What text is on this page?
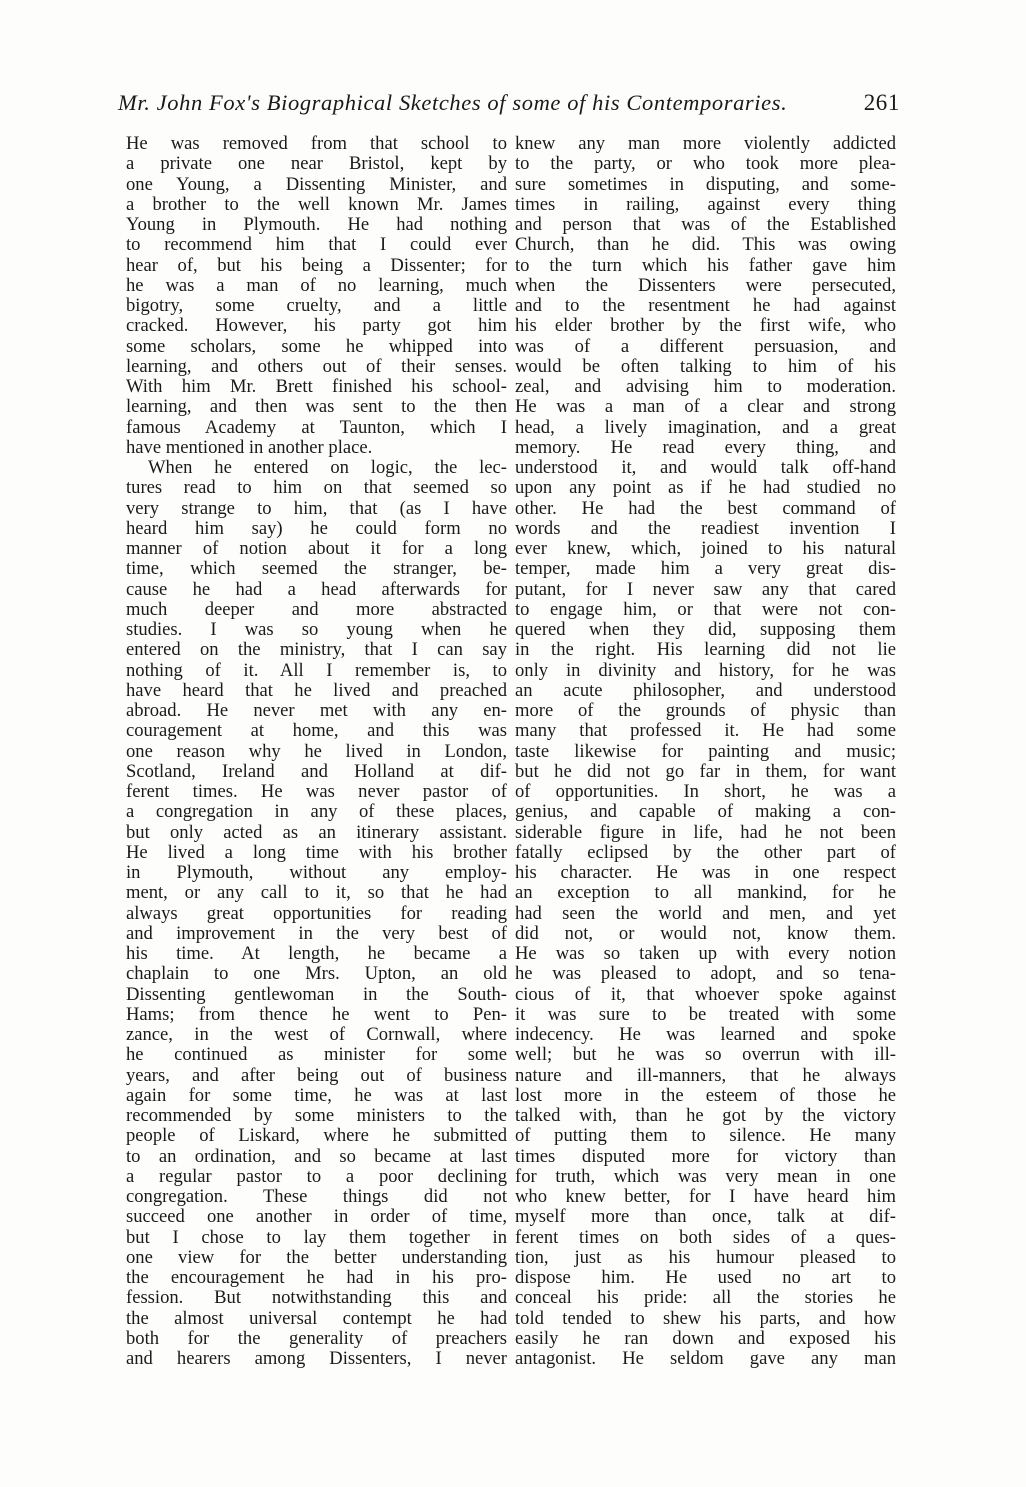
Mr. John Fox's Biographical Sketches of some of his Contemporaries.	261
He was removed from that school to
a private one near Bristol, kept by
one Young, a Dissenting Minister, and
a brother to the well known Mr. James
Young in Plymouth. He had nothing
to recommend him that I could ever
hear of, but his being a Dissenter; for
he was a man of no learning, much
bigotry, some cruelty, and a little
cracked. However, his party got him
some scholars, some he whipped into
learning, and others out of their senses.
With him Mr. Brett finished his school-
learning, and then was sent to the then
famous Academy at Taunton, which I
have mentioned in another place.
When he entered on logic, the lec-
tures read to him on that seemed so
very strange to him, that (as I have
heard him say) he could form no
manner of notion about it for a long
time, which seemed the stranger, be-
cause he had a head afterwards for
much deeper and more abstracted
studies. I was so young when he
entered on the ministry, that I can say
nothing of it. All I remember is, to
have heard that he lived and preached
abroad. He never met with any en-
couragement at home, and this was
one reason why he lived in London,
Scotland, Ireland and Holland at dif-
ferent times. He was never pastor of
a congregation in any of these places,
but only acted as an itinerary assistant.
He lived a long time with his brother
in Plymouth, without any employ-
ment, or any call to it, so that he had
always great opportunities for reading
and improvement in the very best of
his time. At length, he became a
chaplain to one Mrs. Upton, an old
Dissenting gentlewoman in the South-
Hams; from thence he went to Pen-
zance, in the west of Cornwall, where
he continued as minister for some
years, and after being out of business
again for some time, he was at last
recommended by some ministers to the
people of Liskard, where he submitted
to an ordination, and so became at last
a regular pastor to a poor declining
congregation. These things did not
succeed one another in order of time,
but I chose to lay them together in
one view for the better understanding
the encouragement he had in his pro-
fession. But notwithstanding this and
the almost universal contempt he had
both for the generality of preachers
and hearers among Dissenters, I never
knew any man more violently addicted
to the party, or who took more plea-
sure sometimes in disputing, and some-
times in railing, against every thing
and person that was of the Established
Church, than he did. This was owing
to the turn which his father gave him
when the Dissenters were persecuted,
and to the resentment he had against
his elder brother by the first wife, who
was of a different persuasion, and
would be often talking to him of his
zeal, and advising him to moderation.
He was a man of a clear and strong
head, a lively imagination, and a great
memory. He read every thing, and
understood it, and would talk off-hand
upon any point as if he had studied no
other. He had the best command of
words and the readiest invention I
ever knew, which, joined to his natural
temper, made him a very great dis-
putant, for I never saw any that cared
to engage him, or that were not con-
quered when they did, supposing them
in the right. His learning did not lie
only in divinity and history, for he was
an acute philosopher, and understood
more of the grounds of physic than
many that professed it. He had some
taste likewise for painting and music;
but he did not go far in them, for want
of opportunities. In short, he was a
genius, and capable of making a con-
siderable figure in life, had he not been
fatally eclipsed by the other part of
his character. He was in one respect
an exception to all mankind, for he
had seen the world and men, and yet
did not, or would not, know them.
He was so taken up with every notion
he was pleased to adopt, and so tena-
cious of it, that whoever spoke against
it was sure to be treated with some
indecency. He was learned and spoke
well; but he was so overrun with ill-
nature and ill-manners, that he always
lost more in the esteem of those he
talked with, than he got by the victory
of putting them to silence. He many
times disputed more for victory than
for truth, which was very mean in one
who knew better, for I have heard him
myself more than once, talk at dif-
ferent times on both sides of a ques-
tion, just as his humour pleased to
dispose him. He used no art to
conceal his pride: all the stories he
told tended to shew his parts, and how
easily he ran down and exposed his
antagonist. He seldom gave any man
